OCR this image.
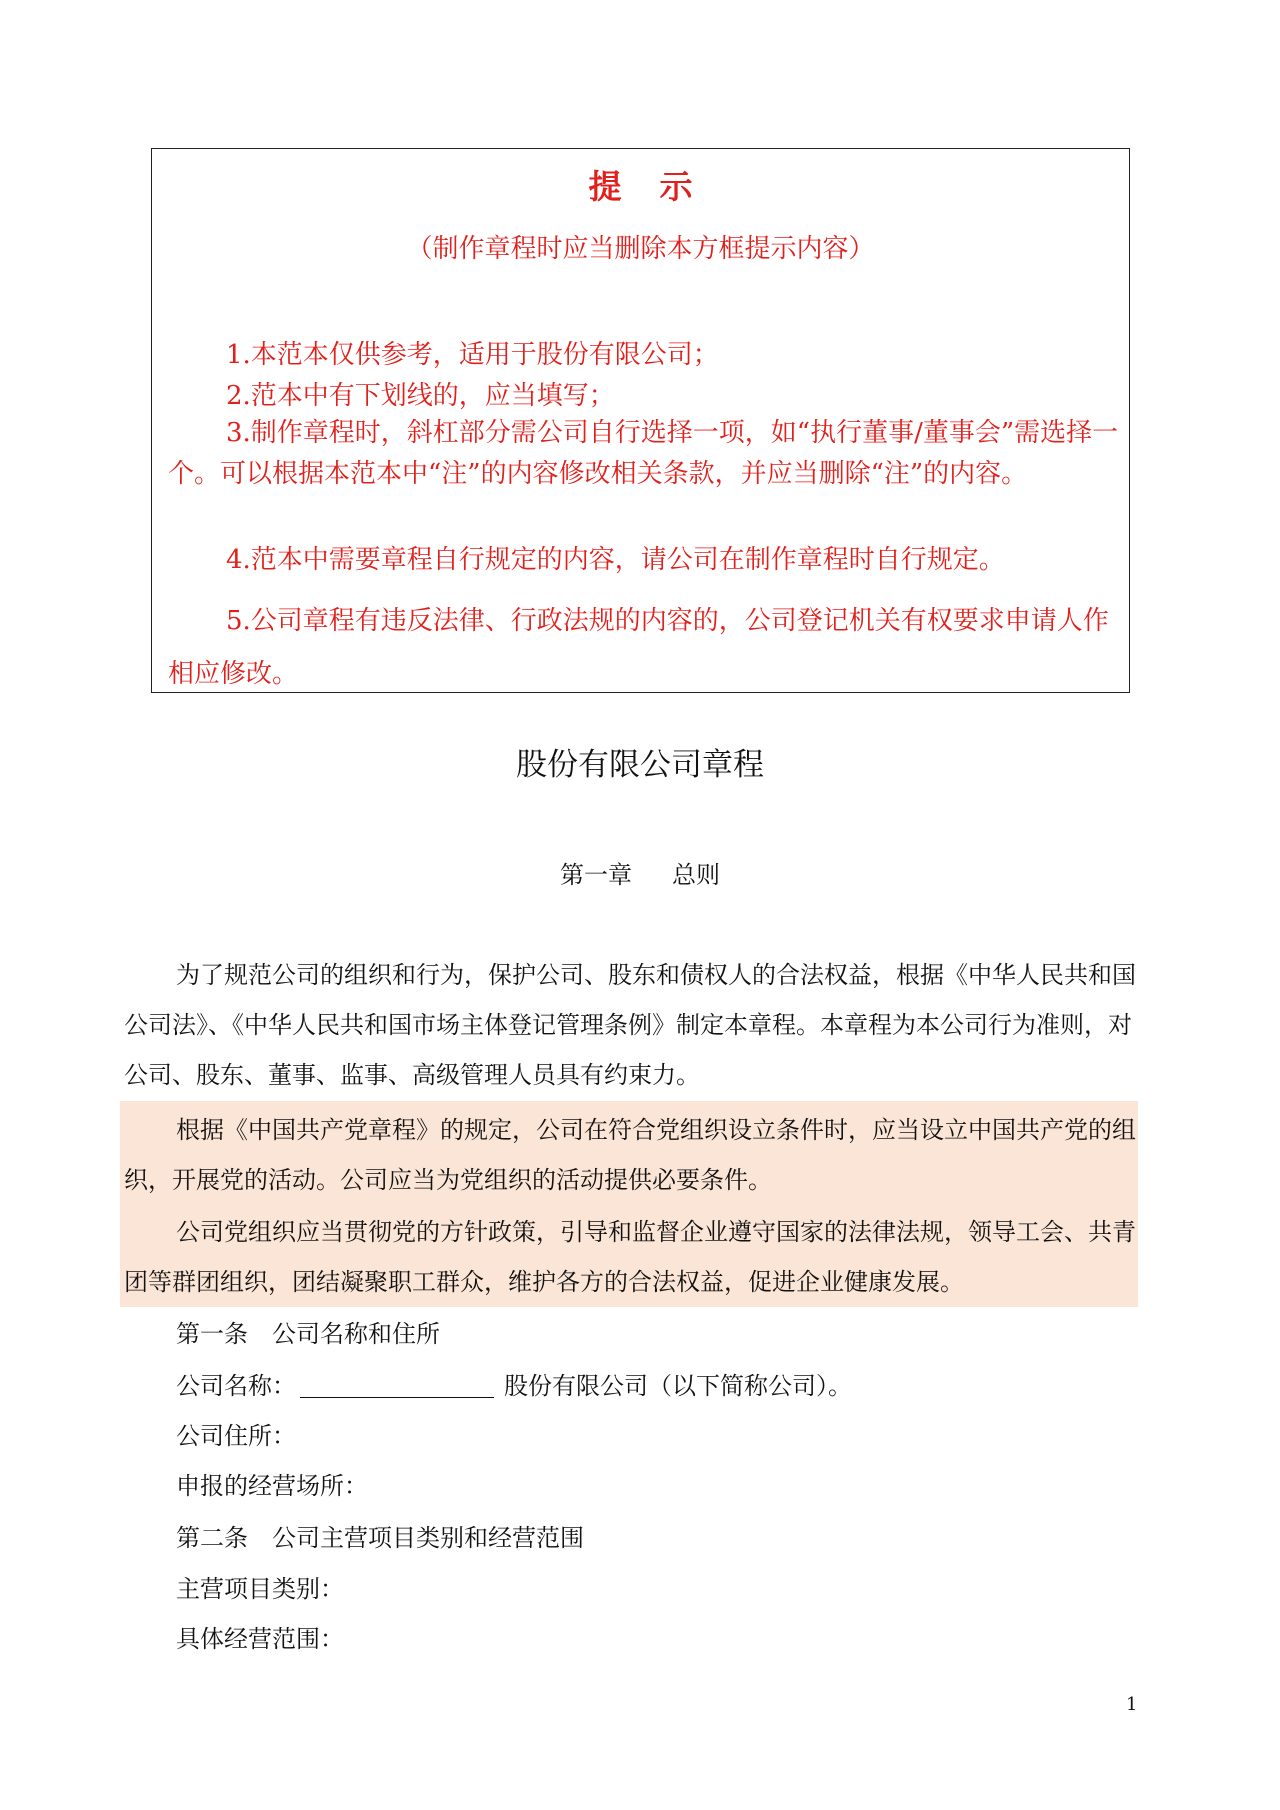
提示
（制作章程时应当删除本方框提示内容）
1.本范本仅供参考，适用于股份有限公司；
2.范本中有下划线的，应当填写；
3.制作章程时，斜杠部分需公司自行选择一项，如“执行董事/董事会”需选择一个。可以根据本范本中“注”的内容修改相关条款，并应当删除“注”的内容。
4.范本中需要章程自行规定的内容，请公司在制作章程时自行规定。
5.公司章程有违反法律、行政法规的内容的，公司登记机关有权要求申请人作相应修改。
股份有限公司章程
第一章 总则
为了规范公司的组织和行为，保护公司、股东和债权人的合法权益，根据《中华人民共和国公司法》、《中华人民共和国市场主体登记管理条例》制定本章程。本章程为本公司行为准则，对公司、股东、董事、监事、高级管理人员具有约束力。
根据《中国共产党章程》的规定，公司在符合党组织设立条件时，应当设立中国共产党的组织，开展党的活动。公司应当为党组织的活动提供必要条件。
公司党组织应当贯彻党的方针政策，引导和监督企业遵守国家的法律法规，领导工会、共青团等群团组织，团结凝聚职工群众，维护各方的合法权益，促进企业健康发展。
第一条 公司名称和住所
公司名称：	股份有限公司（以下简称公司）。
公司住所：
申报的经营场所：
第二条 公司主营项目类别和经营范围
主营项目类别：
具体经营范围：
1
